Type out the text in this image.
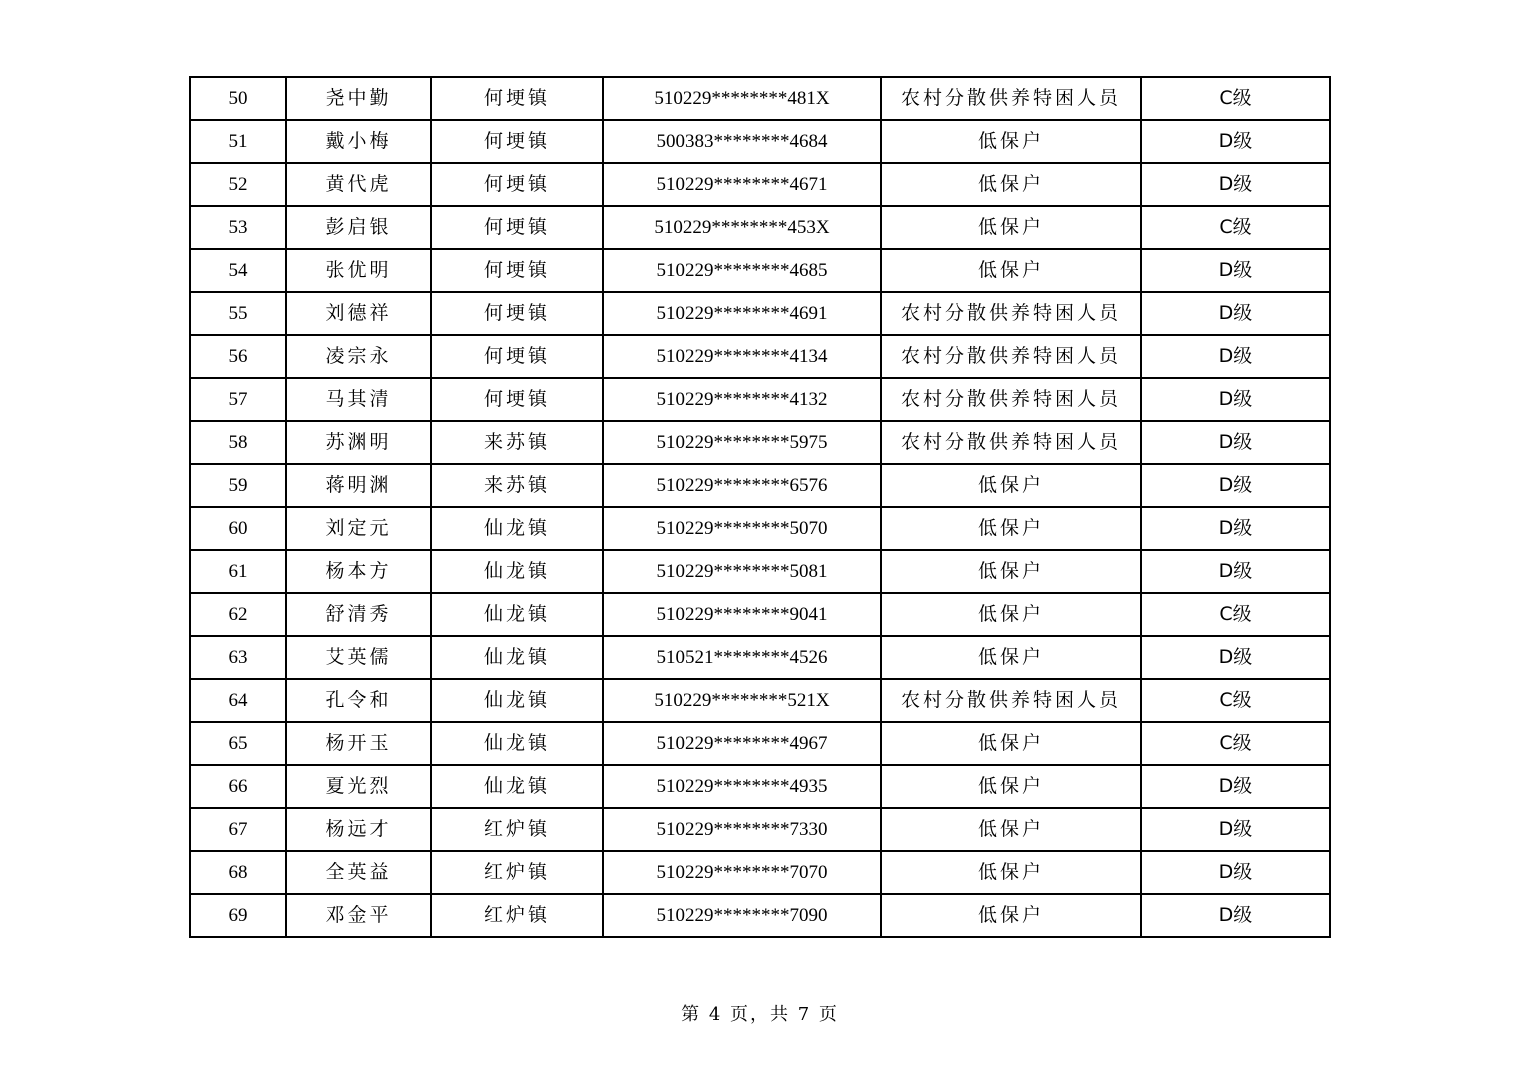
50	尧中勤	何埂镇	510229********481X	农村分散供养特困人员	C级
51	戴小梅	何埂镇	500383********4684	低保户	D级
52	黄代虎	何埂镇	510229********4671	低保户	D级
53	彭启银	何埂镇	510229********453X	低保户	C级
54	张优明	何埂镇	510229********4685	低保户	D级
55	刘德祥	何埂镇	510229********4691	农村分散供养特困人员	D级
56	凌宗永	何埂镇	510229********4134	农村分散供养特困人员	D级
57	马其清	何埂镇	510229********4132	农村分散供养特困人员	D级
58	苏渊明	来苏镇	510229********5975	农村分散供养特困人员	D级
59	蒋明渊	来苏镇	510229********6576	低保户	D级
60	刘定元	仙龙镇	510229********5070	低保户	D级
61	杨本方	仙龙镇	510229********5081	低保户	D级
62	舒清秀	仙龙镇	510229********9041	低保户	C级
63	艾英儒	仙龙镇	510521********4526	低保户	D级
64	孔令和	仙龙镇	510229********521X	农村分散供养特困人员	C级
65	杨开玉	仙龙镇	510229********4967	低保户	C级
66	夏光烈	仙龙镇	510229********4935	低保户	D级
67	杨远才	红炉镇	510229********7330	低保户	D级
68	全英益	红炉镇	510229********7070	低保户	D级
69	邓金平	红炉镇	510229********7090	低保户	D级
第 4 页，共 7 页
